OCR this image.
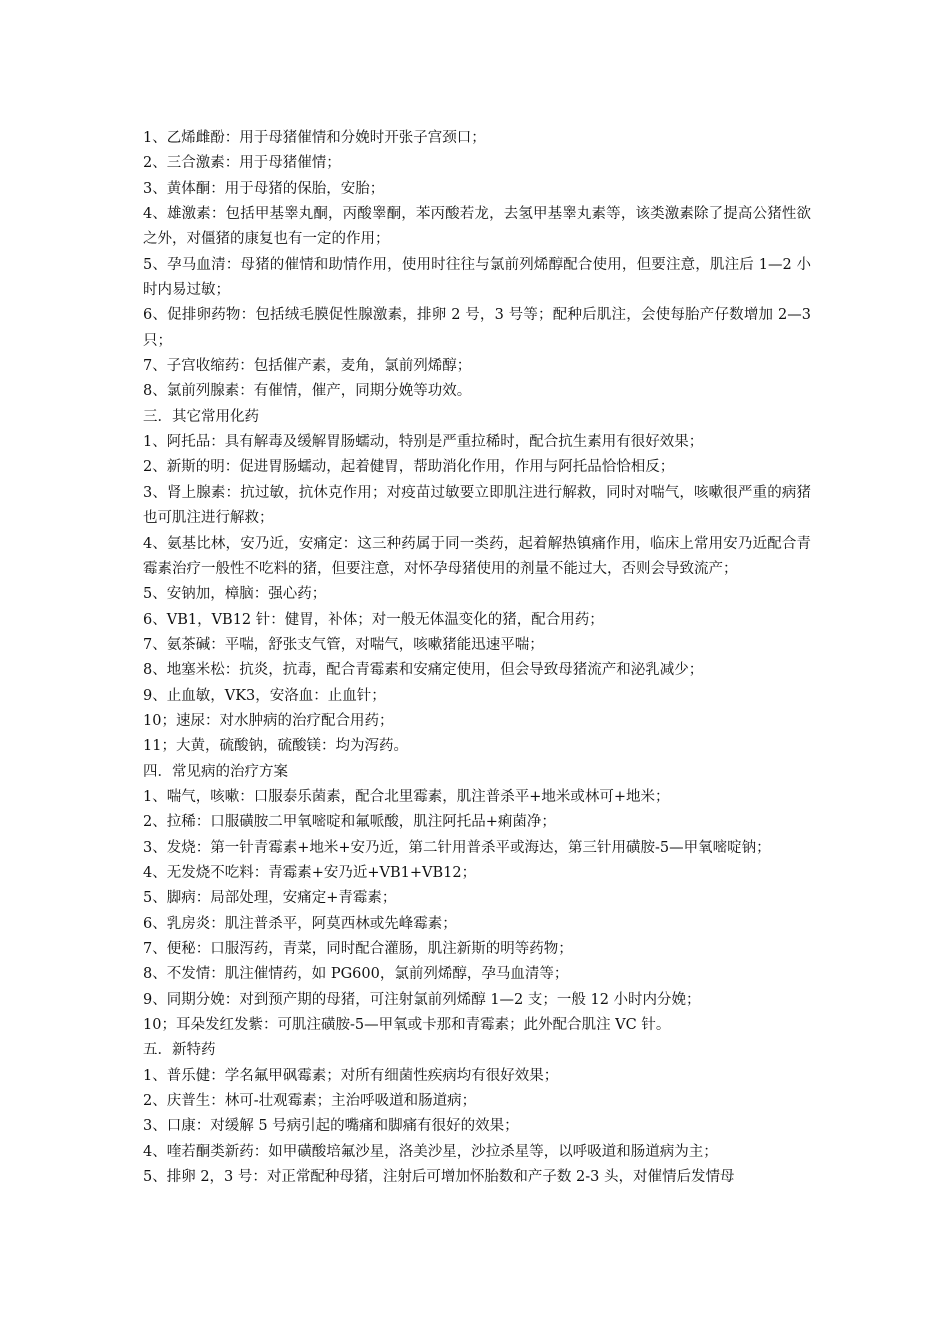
1、乙烯雌酚：用于母猪催情和分娩时开张子宫颈口；

2、三合激素：用于母猪催情；

3、黄体酮：用于母猪的保胎，安胎；

4、雄激素：包括甲基睾丸酮，丙酸睾酮，苯丙酸若龙，去氢甲基睾丸素等，该类激素除了提高公猪性欲之外，对僵猪的康复也有一定的作用；

5、孕马血清：母猪的催情和助情作用，使用时往往与氯前列烯醇配合使用，但要注意，肌注后 1—2 小时内易过敏；

6、促排卵药物：包括绒毛膜促性腺激素，排卵 2 号，3 号等；配种后肌注，会使每胎产仔数增加 2—3 只；

7、子宫收缩药：包括催产素，麦角，氯前列烯醇；

8、氯前列腺素：有催情，催产，同期分娩等功效。

三．其它常用化药

1、阿托品：具有解毒及缓解胃肠蠕动，特别是严重拉稀时，配合抗生素用有很好效果；

2、新斯的明：促进胃肠蠕动，起着健胃，帮助消化作用，作用与阿托品恰恰相反；

3、肾上腺素：抗过敏，抗休克作用；对疫苗过敏要立即肌注进行解救，同时对喘气，咳嗽很严重的病猪也可肌注进行解救；

4、氨基比林，安乃近，安痛定：这三种药属于同一类药，起着解热镇痛作用，临床上常用安乃近配合青霉素治疗一般性不吃料的猪，但要注意，对怀孕母猪使用的剂量不能过大，否则会导致流产；

5、安钠加，樟脑：强心药；

6、VB1，VB12 针：健胃，补体；对一般无体温变化的猪，配合用药；

7、氨茶碱：平喘，舒张支气管，对喘气，咳嗽猪能迅速平喘；

8、地塞米松：抗炎，抗毒，配合青霉素和安痛定使用，但会导致母猪流产和泌乳减少；

9、止血敏，VK3，安洛血：止血针；

10；速尿：对水肿病的治疗配合用药；

11；大黄，硫酸钠，硫酸镁：均为泻药。

四．常见病的治疗方案

1、喘气，咳嗽：口服泰乐菌素，配合北里霉素，肌注普杀平+地米或林可+地米；

2、拉稀：口服磺胺二甲氧嘧啶和氟哌酸，肌注阿托品+痢菌净；

3、发烧：第一针青霉素+地米+安乃近，第二针用普杀平或海达，第三针用磺胺-5—甲氧嘧啶钠；

4、无发烧不吃料：青霉素+安乃近+VB1+VB12；

5、脚病：局部处理，安痛定+青霉素；

6、乳房炎：肌注普杀平，阿莫西林或先峰霉素；

7、便秘：口服泻药，青菜，同时配合灌肠，肌注新斯的明等药物；

8、不发情：肌注催情药，如 PG600，氯前列烯醇，孕马血清等；

9、同期分娩：对到预产期的母猪，可注射氯前列烯醇 1—2 支；一般 12 小时内分娩；

10；耳朵发红发紫：可肌注磺胺-5—甲氧或卡那和青霉素；此外配合肌注 VC 针。

五．新特药

1、普乐健：学名氟甲砜霉素；对所有细菌性疾病均有很好效果；

2、庆普生：林可-壮观霉素；主治呼吸道和肠道病；

3、口康：对缓解 5 号病引起的嘴痛和脚痛有很好的效果；

4、喹若酮类新药：如甲磺酸培氟沙星，洛美沙星，沙拉杀星等，以呼吸道和肠道病为主；

5、排卵 2，3 号：对正常配种母猪，注射后可增加怀胎数和产子数 2-3 头，对催情后发情母
